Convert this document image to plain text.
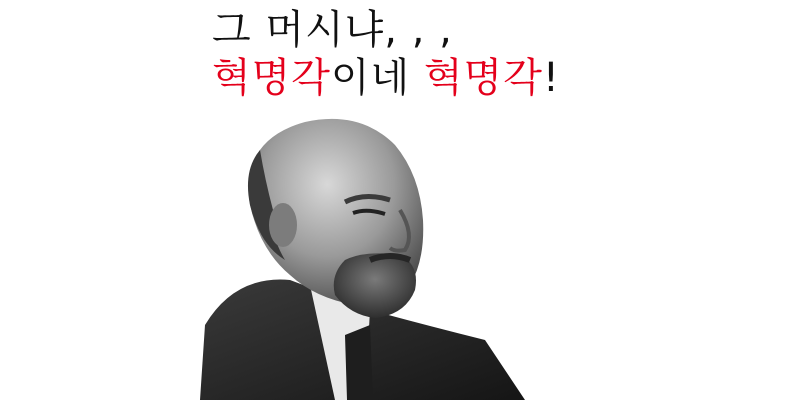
그 머시냐, , ,
혁명각이네 혁명각!
